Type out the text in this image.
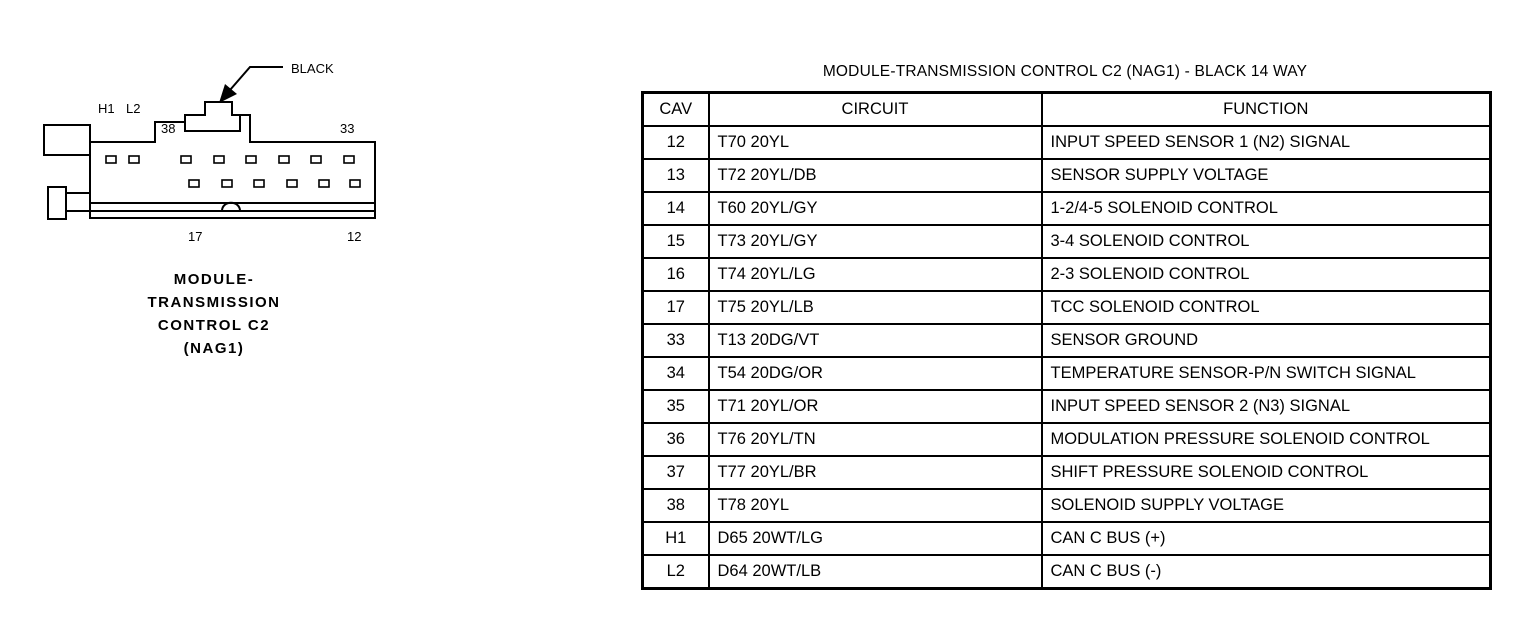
BLACK
H1 L2
38	33
17	12
MODULE-
TRANSMISSION
CONTROL C2
(NAG1)
MODULE-TRANSMISSION CONTROL C2 (NAG1) - BLACK 14 WAY
CAV	CIRCUIT	FUNCTION
12	T70 20YL	INPUT SPEED SENSOR 1 (N2) SIGNAL
13	T72 20YL/DB	SENSOR SUPPLY VOLTAGE
14	T60 20YL/GY	1-2/4-5 SOLENOID CONTROL
15	T73 20YL/GY	3-4 SOLENOID CONTROL
16	T74 20YL/LG	2-3 SOLENOID CONTROL
17	T75 20YL/LB	TCC SOLENOID CONTROL
33	T13 20DG/VT	SENSOR GROUND
34	T54 20DG/OR	TEMPERATURE SENSOR-P/N SWITCH SIGNAL
35	T71 20YL/OR	INPUT SPEED SENSOR 2 (N3) SIGNAL
36	T76 20YL/TN	MODULATION PRESSURE SOLENOID CONTROL
37	T77 20YL/BR	SHIFT PRESSURE SOLENOID CONTROL
38	T78 20YL	SOLENOID SUPPLY VOLTAGE
H1	D65 20WT/LG	CAN C BUS (+)
L2	D64 20WT/LB	CAN C BUS (-)
